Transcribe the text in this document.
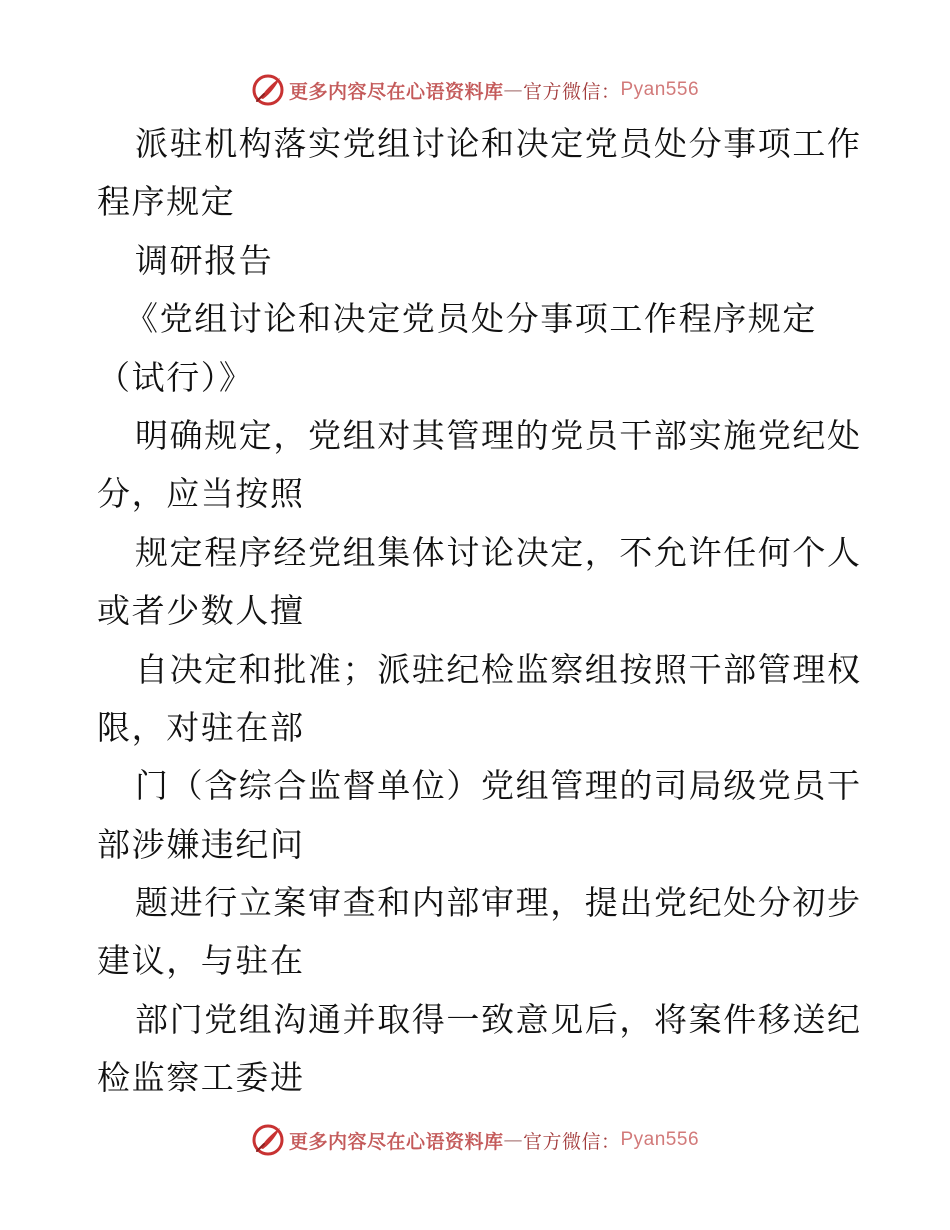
更多内容尽在心语资料库 — 官方微信： Pyan556
派驻机构落实党组讨论和决定党员处分事项工作
程序规定
调研报告
《党组讨论和决定党员处分事项工作程序规定
（试行）》
明确规定，党组对其管理的党员干部实施党纪处
分，应当按照
规定程序经党组集体讨论决定，不允许任何个人
或者少数人擅
自决定和批准；派驻纪检监察组按照干部管理权
限，对驻在部
门（含综合监督单位）党组管理的司局级党员干
部涉嫌违纪问
题进行立案审查和内部审理，提出党纪处分初步
建议，与驻在
部门党组沟通并取得一致意见后，将案件移送纪
检监察工委进
更多内容尽在心语资料库 — 官方微信： Pyan556
